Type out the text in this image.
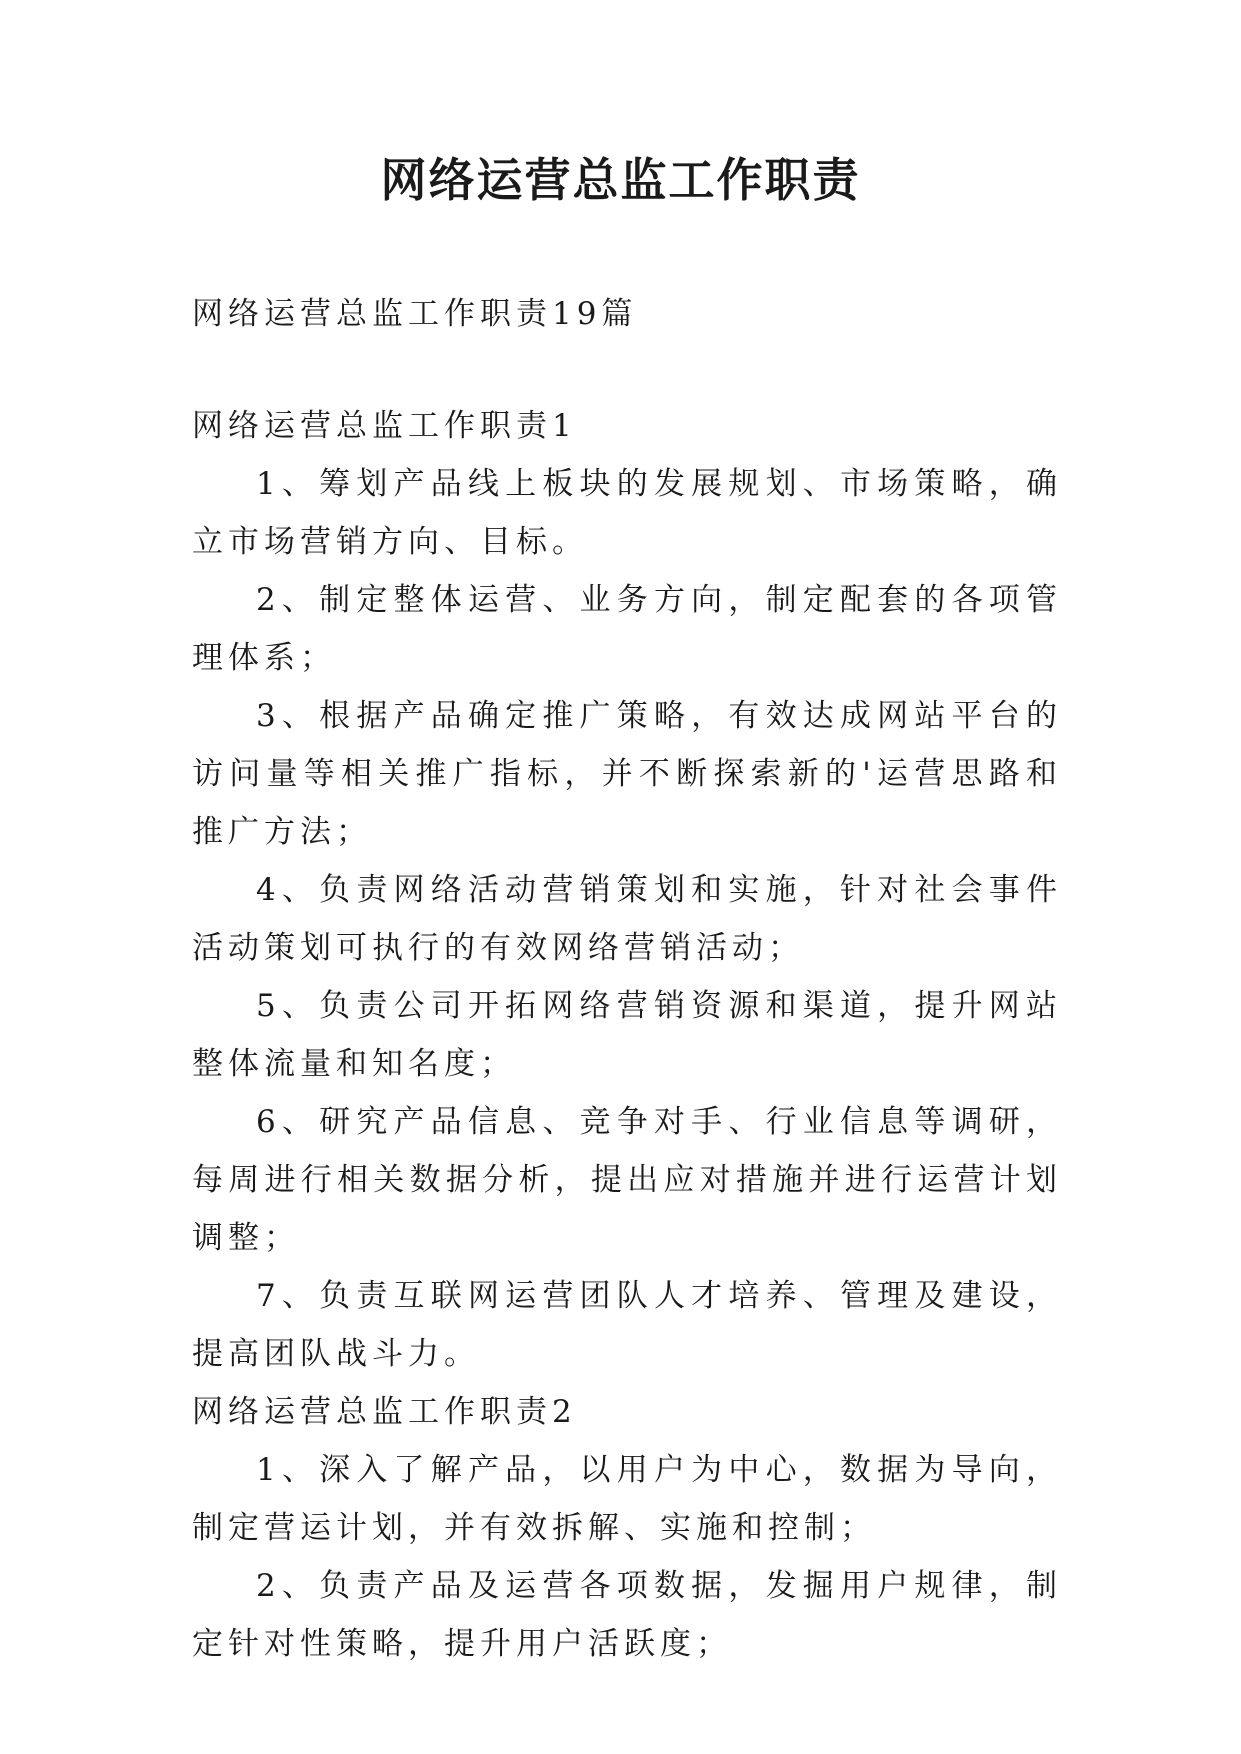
网络运营总监工作职责

网络运营总监工作职责19篇

网络运营总监工作职责1

1、筹划产品线上板块的发展规划、市场策略，确立市场营销方向、目标。

2、制定整体运营、业务方向，制定配套的各项管理体系；

3、根据产品确定推广策略，有效达成网站平台的访问量等相关推广指标，并不断探索新的'运营思路和推广方法；

4、负责网络活动营销策划和实施，针对社会事件活动策划可执行的有效网络营销活动；

5、负责公司开拓网络营销资源和渠道，提升网站整体流量和知名度；

6、研究产品信息、竞争对手、行业信息等调研，每周进行相关数据分析，提出应对措施并进行运营计划调整；

7、负责互联网运营团队人才培养、管理及建设，提高团队战斗力。

网络运营总监工作职责2

1、深入了解产品，以用户为中心，数据为导向，制定营运计划，并有效拆解、实施和控制；

2、负责产品及运营各项数据，发掘用户规律，制定针对性策略，提升用户活跃度；
